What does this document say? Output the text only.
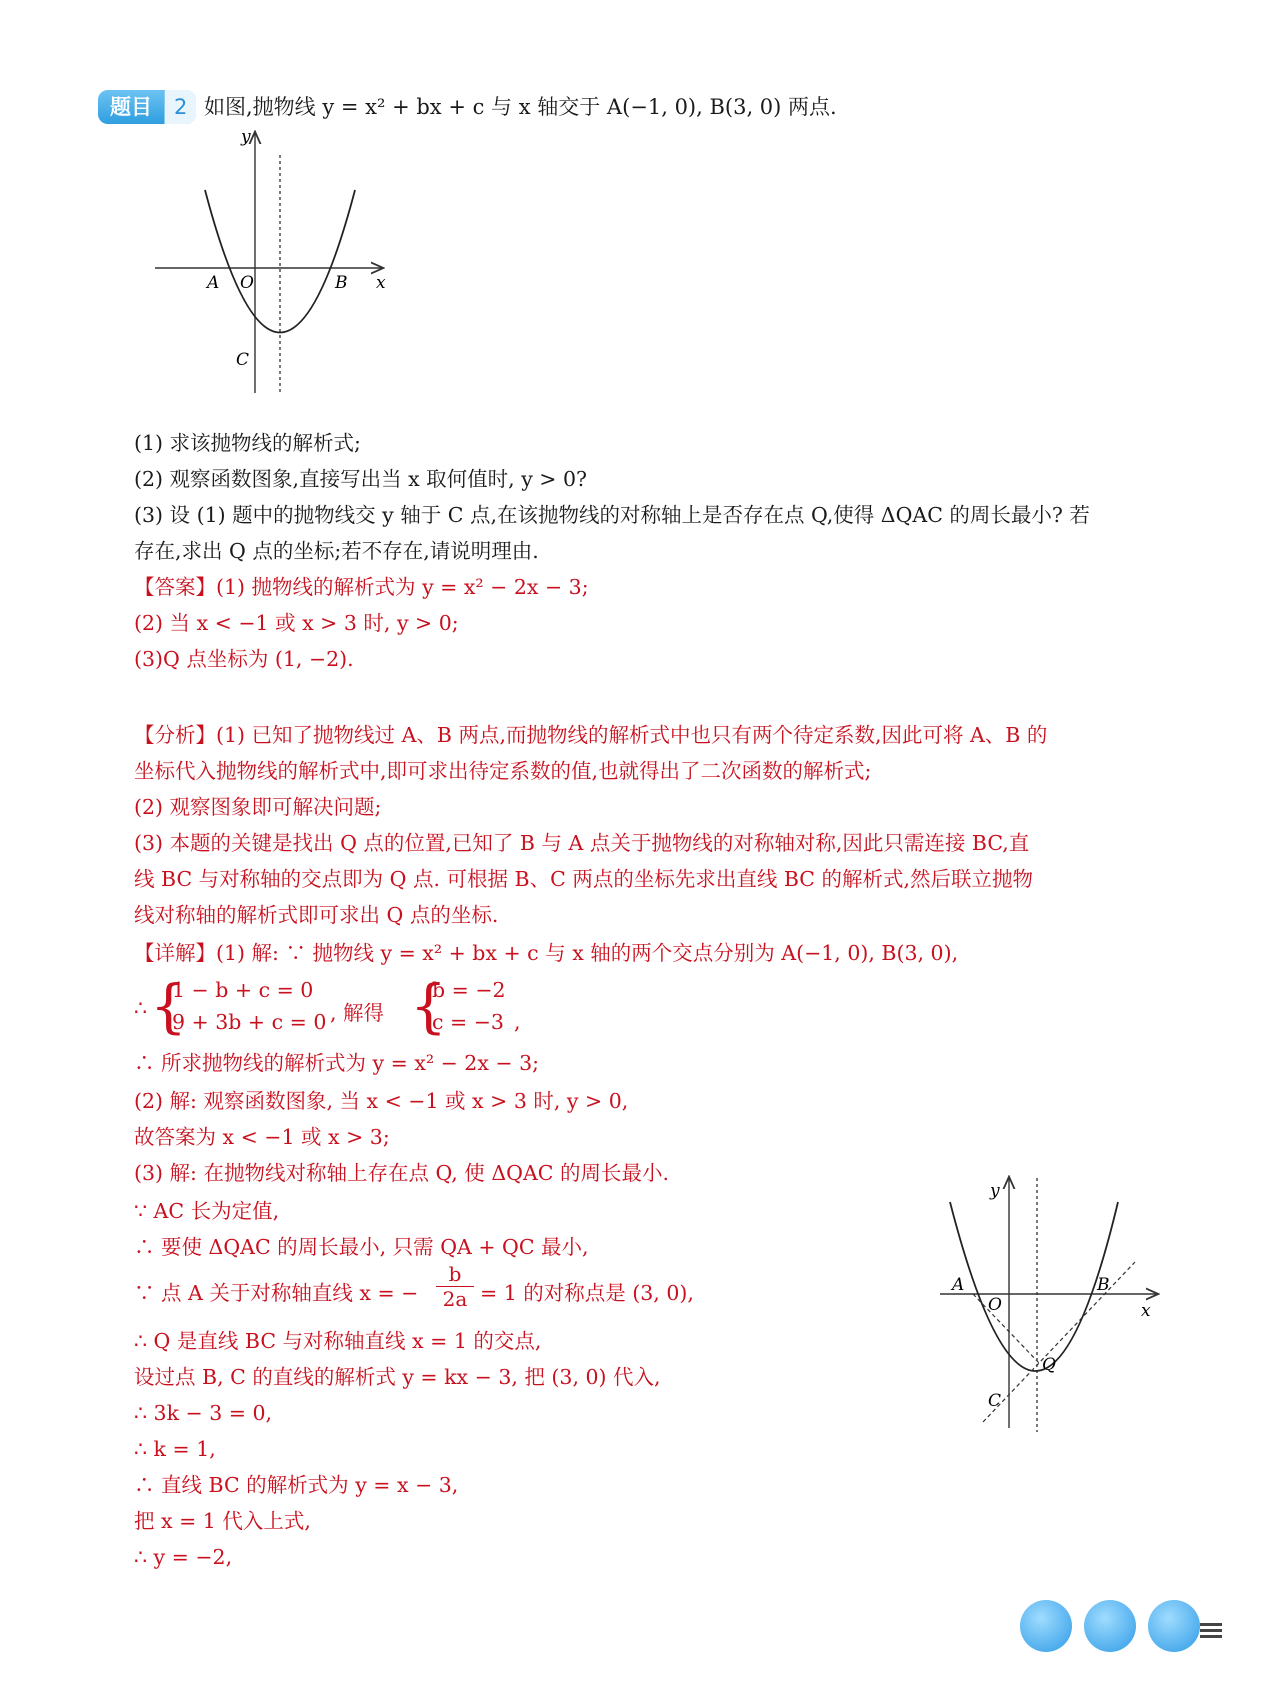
题目	2 如图,抛物线 y = x² + bx + c 与 x 轴交于 A(−1, 0), B(3, 0) 两点.
y
x
A O	B
C
(1) 求该抛物线的解析式;
(2) 观察函数图象,直接写出当 x 取何值时, y > 0?
(3) 设 (1) 题中的抛物线交 y 轴于 C 点,在该抛物线的对称轴上是否存在点 Q,使得 ΔQAC 的周长最小? 若
存在,求出 Q 点的坐标;若不存在,请说明理由.
【答案】(1) 抛物线的解析式为 y = x² − 2x − 3;
(2) 当 x < −1 或 x > 3 时, y > 0;
(3)Q 点坐标为 (1, −2).
【分析】(1) 已知了抛物线过 A、B 两点,而抛物线的解析式中也只有两个待定系数,因此可将 A、B 的
坐标代入抛物线的解析式中,即可求出待定系数的值,也就得出了二次函数的解析式;
(2) 观察图象即可解决问题;
(3) 本题的关键是找出 Q 点的位置,已知了 B 与 A 点关于抛物线的对称轴对称,因此只需连接 BC,直
线 BC 与对称轴的交点即为 Q 点. 可根据 B、C 两点的坐标先求出直线 BC 的解析式,然后联立抛物
线对称轴的解析式即可求出 Q 点的坐标.
【详解】(1) 解: ∵ 抛物线 y = x² + bx + c 与 x 轴的两个交点分别为 A(−1, 0), B(3, 0),
∴ {
1 − b + c = 0
9 + 3b + c = 0 , 解得 {
b = −2
c = −3 ,
∴ 所求抛物线的解析式为 y = x² − 2x − 3;
(2) 解: 观察函数图象, 当 x < −1 或 x > 3 时, y > 0,
故答案为 x < −1 或 x > 3;
(3) 解: 在抛物线对称轴上存在点 Q, 使 ΔQAC 的周长最小.
∵ AC 长为定值,
∴ 要使 ΔQAC 的周长最小, 只需 QA + QC 最小,
∵ 点 A 关于对称轴直线 x = − $\frac{b}{2a} = 1$ 的对称点是 (3, 0),
∴ Q 是直线 BC 与对称轴直线 x = 1 的交点,
设过点 B, C 的直线的解析式 y = kx − 3, 把 (3, 0) 代入,
∴ 3k − 3 = 0,
∴ k = 1,
∴ 直线 BC 的解析式为 y = x − 3,
把 x = 1 代入上式,
∴ y = −2,
y
x
A
O
B
C
Q
